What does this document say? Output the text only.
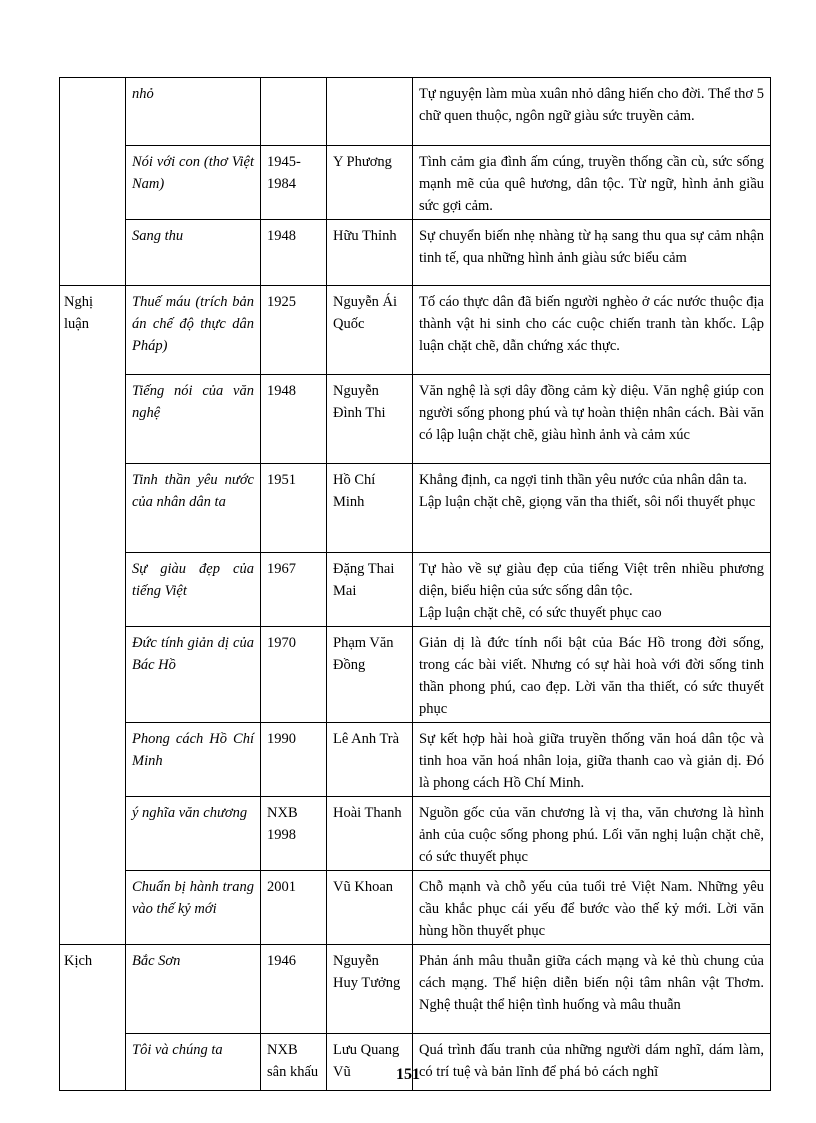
	nhỏ			Tự nguyện làm mùa xuân nhỏ dâng hiến cho đời. Thể thơ 5 chữ quen thuộc, ngôn ngữ giàu sức truyền cảm.

	Nói với con (thơ Việt Nam)	1945-1984	Y Phương	Tình cảm gia đình ấm cúng, truyền thống cần cù, sức sống mạnh mẽ của quê hương, dân tộc. Từ ngữ, hình ảnh giầu sức gợi cảm.

	Sang thu	1948	Hữu Thỉnh	Sự chuyển biến nhẹ nhàng từ hạ sang thu qua sự cảm nhận tinh tế, qua những hình ảnh giàu sức biểu cảm

Nghị luận	Thuế máu (trích bản án chế độ thực dân Pháp)	1925	Nguyễn Ái Quốc	Tố cáo thực dân đã biến người nghèo ở các nước thuộc địa thành vật hi sinh cho các cuộc chiến tranh tàn khốc. Lập luận chặt chẽ, dẫn chứng xác thực.

	Tiếng nói của văn nghệ	1948	Nguyễn Đình Thi	Văn nghệ là sợi dây đồng cảm kỳ diệu. Văn nghệ giúp con người sống phong phú và tự hoàn thiện nhân cách. Bài văn có lập luận chặt chẽ, giàu hình ảnh và cảm xúc

	Tinh thần yêu nước của nhân dân ta	1951	Hồ Chí Minh	Khẳng định, ca ngợi tinh thần yêu nước của nhân dân ta.
Lập luận chặt chẽ, giọng văn tha thiết, sôi nổi thuyết phục

	Sự giàu đẹp của tiếng Việt	1967	Đặng Thai Mai	Tự hào về sự giàu đẹp của tiếng Việt trên nhiều phương diện, biểu hiện của sức sống dân tộc.
Lập luận chặt chẽ, có sức thuyết phục cao

	Đức tính giản dị của Bác Hồ	1970	Phạm Văn Đồng	Giản dị là đức tính nổi bật của Bác Hồ trong đời sống, trong các bài viết. Nhưng có sự hài hoà với đời sống tinh thần phong phú, cao đẹp. Lời văn tha thiết, có sức thuyết phục

	Phong cách Hồ Chí Minh	1990	Lê Anh Trà	Sự kết hợp hài hoà giữa truyền thống văn hoá dân tộc và tinh hoa văn hoá nhân loịa, giữa thanh cao và giản dị. Đó là phong cách Hồ Chí Minh.

	ý nghĩa văn chương	NXB 1998	Hoài Thanh	Nguồn gốc của văn chương là vị tha, văn chương là hình ảnh của cuộc sống phong phú. Lối văn nghị luận chặt chẽ, có sức thuyết phục

	Chuẩn bị hành trang vào thế kỷ mới	2001	Vũ Khoan	Chỗ mạnh và chỗ yếu của tuổi trẻ Việt Nam. Những yêu cầu khắc phục cái yếu để bước vào thế kỷ mới. Lời văn hùng hồn thuyết phục

Kịch	Bắc Sơn	1946	Nguyễn Huy Tưởng	Phản ánh mâu thuẫn giữa cách mạng và kẻ thù chung của cách mạng. Thể hiện diễn biến nội tâm nhân vật Thơm. Nghệ thuật thể hiện tình huống và mâu thuẫn

	Tôi và chúng ta	NXB sân khấu	Lưu Quang Vũ	Quá trình đấu tranh của những người dám nghĩ, dám làm, có trí tuệ và bản lĩnh để phá bỏ cách nghĩ
151
